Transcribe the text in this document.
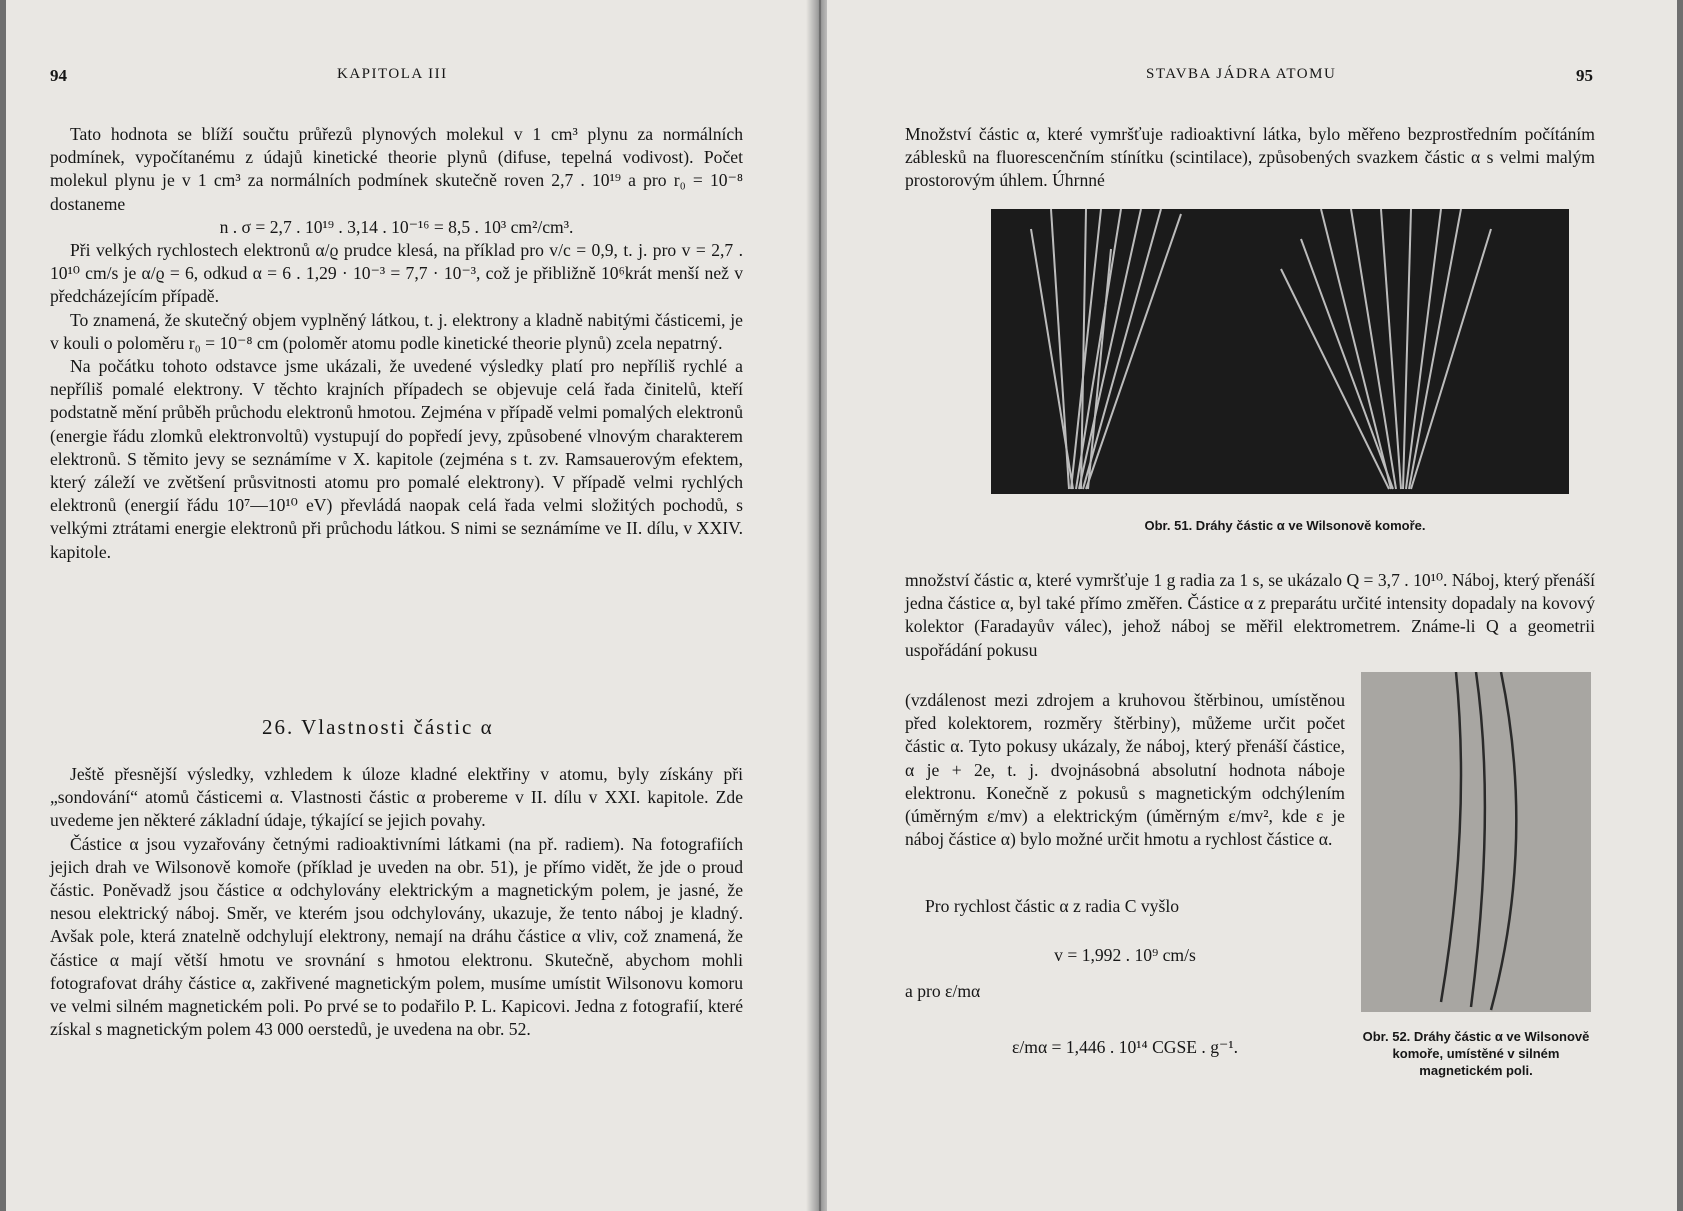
94	KAPITOLA III

Tato hodnota se blíží součtu průřezů plynových molekul v 1 cm³ plynu za normálních podmínek, vypočítanému z údajů kinetické theorie plynů (difuse, tepelná vodivost). Počet molekul plynu je v 1 cm³ za normálních podmínek skutečně roven 2,7 . 10¹⁹ a pro r₀ = 10⁻⁸ dostaneme

n . σ = 2,7 . 10¹⁹ . 3,14 . 10⁻¹⁶ = 8,5 . 10³ cm²/cm³.

Při velkých rychlostech elektronů α/ϱ prudce klesá, na příklad pro v/c = 0,9, t. j. pro v = 2,7 . 10¹⁰ cm/s je α/ϱ = 6, odkud α = 6 . 1,29 · 10⁻³ = 7,7 · 10⁻³, což je přibližně 10⁶krát menší než v předcházejícím případě.

To znamená, že skutečný objem vyplněný látkou, t. j. elektrony a kladně nabitými částicemi, je v kouli o poloměru r₀ = 10⁻⁸ cm (poloměr atomu podle kinetické theorie plynů) zcela nepatrný.

Na počátku tohoto odstavce jsme ukázali, že uvedené výsledky platí pro nepříliš rychlé a nepříliš pomalé elektrony. V těchto krajních případech se objevuje celá řada činitelů, kteří podstatně mění průběh průchodu elektronů hmotou. Zejména v případě velmi pomalých elektronů (energie řádu zlomků elektronvoltů) vystupují do popředí jevy, způsobené vlnovým charakterem elektronů. S těmito jevy se seznámíme v X. kapitole (zejména s t. zv. Ramsauerovým efektem, který záleží ve zvětšení průsvitnosti atomu pro pomalé elektrony). V případě velmi rychlých elektronů (energií řádu 10⁷—10¹⁰ eV) převládá naopak celá řada velmi složitých pochodů, s velkými ztrátami energie elektronů při průchodu látkou. S nimi se seznámíme ve II. dílu, v XXIV. kapitole.

26. Vlastnosti částic α

Ještě přesnější výsledky, vzhledem k úloze kladné elektřiny v atomu, byly získány při „sondování“ atomů částicemi α. Vlastnosti částic α probereme v II. dílu v XXI. kapitole. Zde uvedeme jen některé základní údaje, týkající se jejich povahy.

Částice α jsou vyzařovány četnými radioaktivními látkami (na př. radiem). Na fotografiích jejich drah ve Wilsonově komoře (příklad je uveden na obr. 51), je přímo vidět, že jde o proud částic. Poněvadž jsou částice α odchylovány elektrickým a magnetickým polem, je jasné, že nesou elektrický náboj. Směr, ve kterém jsou odchylovány, ukazuje, že tento náboj je kladný. Avšak pole, která znatelně odchylují elektrony, nemají na dráhu částice α vliv, což znamená, že částice α mají větší hmotu ve srovnání s hmotou elektronu. Skutečně, abychom mohli fotografovat dráhy částice α, zakřivené magnetickým polem, musíme umístit Wilsonovu komoru ve velmi silném magnetickém poli. Po prvé se to podařilo P. L. Kapicovi. Jedna z fotografií, které získal s magnetickým polem 43 000 oerstedů, je uvedena na obr. 52.

STAVBA JÁDRA ATOMU	95
Množství částic α, které vymršťuje radioaktivní látka, bylo měřeno bezprostředním počítáním záblesků na fluorescenčním stínítku (scintilace), způsobených svazkem částic α s velmi malým prostorovým úhlem. Úhrnné
Obr. 51. Dráhy částic α ve Wilsonově komoře.
množství částic α, které vymršťuje 1 g radia za 1 s, se ukázalo Q = 3,7 . 10¹⁰. Náboj, který přenáší jedna částice α, byl také přímo změřen. Částice α z preparátu určité intensity dopadaly na kovový kolektor (Faradayův válec), jehož náboj se měřil elektrometrem. Známe-li Q a geometrii uspořádání pokusu
(vzdálenost mezi zdrojem a kruhovou štěrbinou, umístěnou před kolektorem, rozměry štěrbiny), můžeme určit počet částic α. Tyto pokusy ukázaly, že náboj, který přenáší částice, α je + 2e, t. j. dvojnásobná absolutní hodnota náboje elektronu. Konečně z pokusů s magnetickým odchýlením (úměrným ε/mv) a elektrickým (úměrným ε/mv², kde ε je náboj částice α) bylo možné určit hmotu a rychlost částice α.
Pro rychlost částic α z radia C vyšlo
v = 1,992 . 10⁹ cm/s
a pro ε/mα
ε/mα = 1,446 . 10¹⁴ CGSE . g⁻¹.
Obr. 52. Dráhy částic α ve Wilsonově komoře, umístěné v silném magnetickém poli.
